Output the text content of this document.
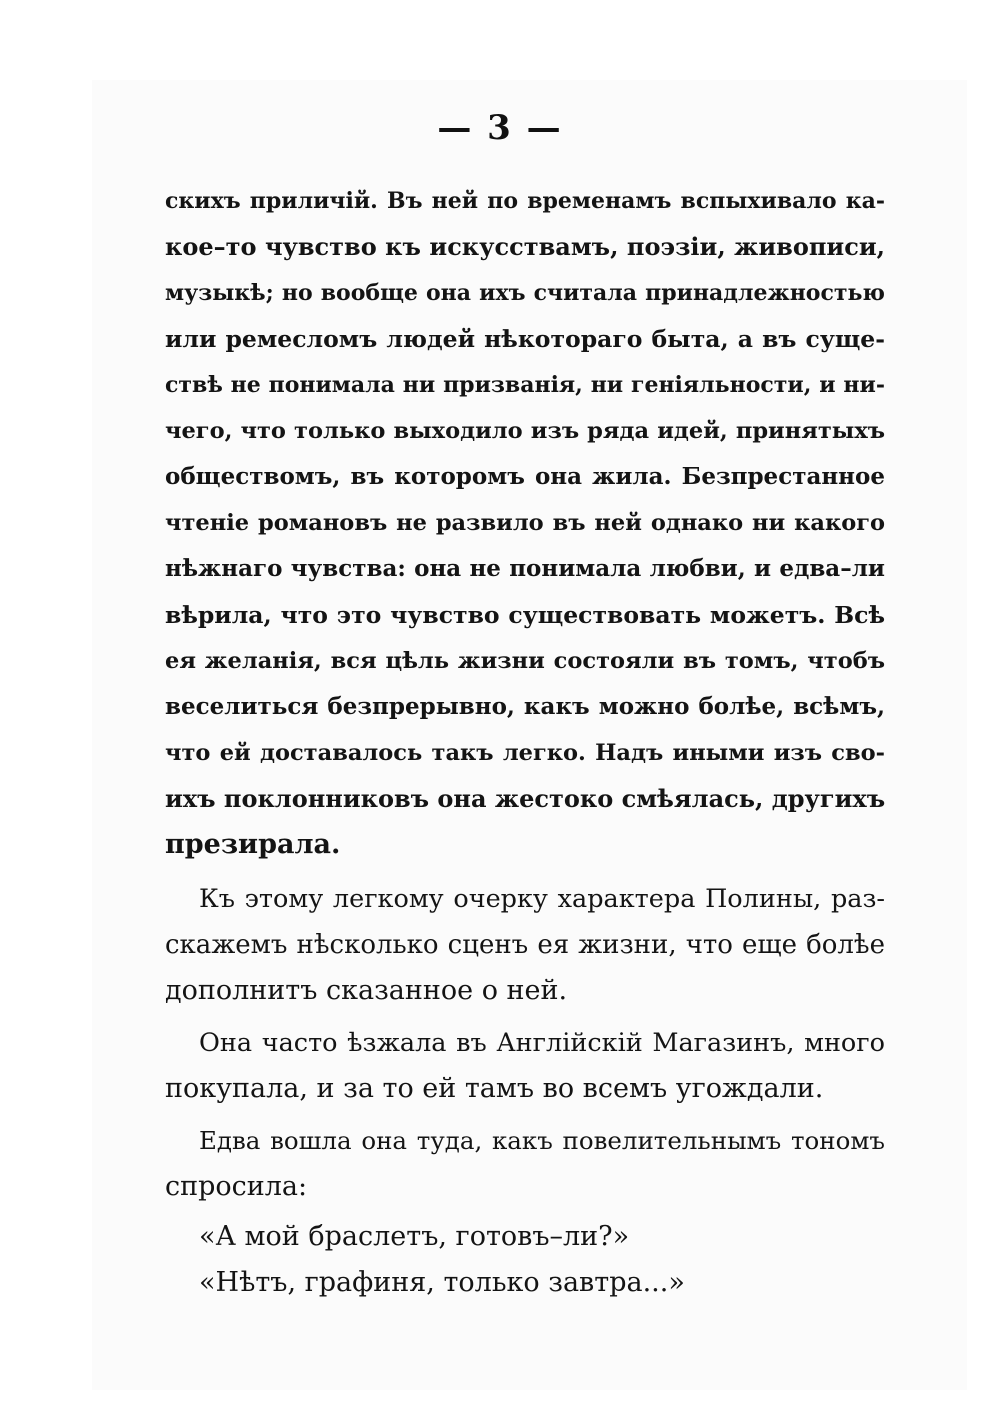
— 3 —
скихъ приличій. Въ ней по временамъ вспыхивало ка-
кое–то чувство къ искусствамъ, поэзіи, живописи,
музыкѣ; но вообще она ихъ считала принадлежностью
или ремесломъ людей нѣкотораго быта, а въ суще-
ствѣ не понимала ни призванія, ни геніяльности, и ни-
чего, что только выходило изъ ряда идей, принятыхъ
обществомъ, въ которомъ она жила. Безпрестанное
чтеніе романовъ не развило въ ней однако ни какого
нѣжнаго чувства: она не понимала любви, и едва–ли
вѣрила, что это чувство существовать можетъ. Всѣ
ея желанія, вся цѣль жизни состояли въ томъ, чтобъ
веселиться безпрерывно, какъ можно болѣе, всѣмъ,
что ей доставалось такъ легко. Надъ иными изъ сво-
ихъ поклонниковъ она жестоко смѣялась, другихъ
презирала.
Къ этому легкому очерку характера Полины, раз-
скажемъ нѣсколько сценъ ея жизни, что еще болѣе
дополнитъ сказанное о ней.
Она часто ѣзжала въ Англійскій Магазинъ, много
покупала, и за то ей тамъ во всемъ угождали.
Едва вошла она туда, какъ повелительнымъ тономъ
спросила:
«А мой браслетъ, готовъ–ли?»
«Нѣтъ, графиня, только завтра...»
